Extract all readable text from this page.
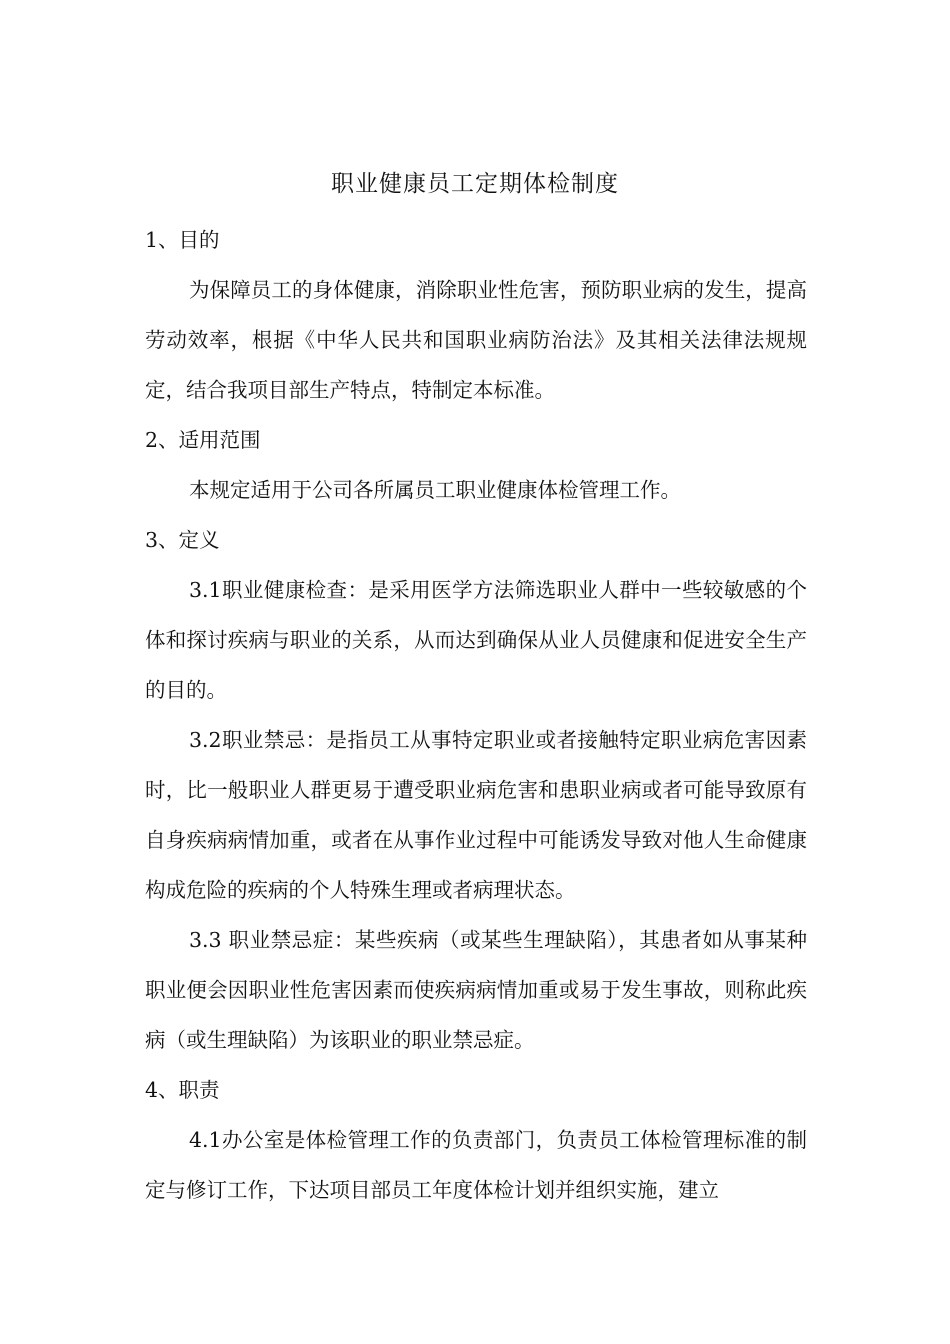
职业健康员工定期体检制度

1、目的

为保障员工的身体健康，消除职业性危害，预防职业病的发生，提高劳动效率，根据《中华人民共和国职业病防治法》及其相关法律法规规定，结合我项目部生产特点，特制定本标准。

2、适用范围

本规定适用于公司各所属员工职业健康体检管理工作。

3、定义

3.1职业健康检查：是采用医学方法筛选职业人群中一些较敏感的个体和探讨疾病与职业的关系，从而达到确保从业人员健康和促进安全生产的目的。

3.2职业禁忌：是指员工从事特定职业或者接触特定职业病危害因素时，比一般职业人群更易于遭受职业病危害和患职业病或者可能导致原有自身疾病病情加重，或者在从事作业过程中可能诱发导致对他人生命健康构成危险的疾病的个人特殊生理或者病理状态。

3.3 职业禁忌症：某些疾病（或某些生理缺陷），其患者如从事某种职业便会因职业性危害因素而使疾病病情加重或易于发生事故，则称此疾病（或生理缺陷）为该职业的职业禁忌症。

4、职责

4.1办公室是体检管理工作的负责部门，负责员工体检管理标准的制定与修订工作，下达项目部员工年度体检计划并组织实施，建立
